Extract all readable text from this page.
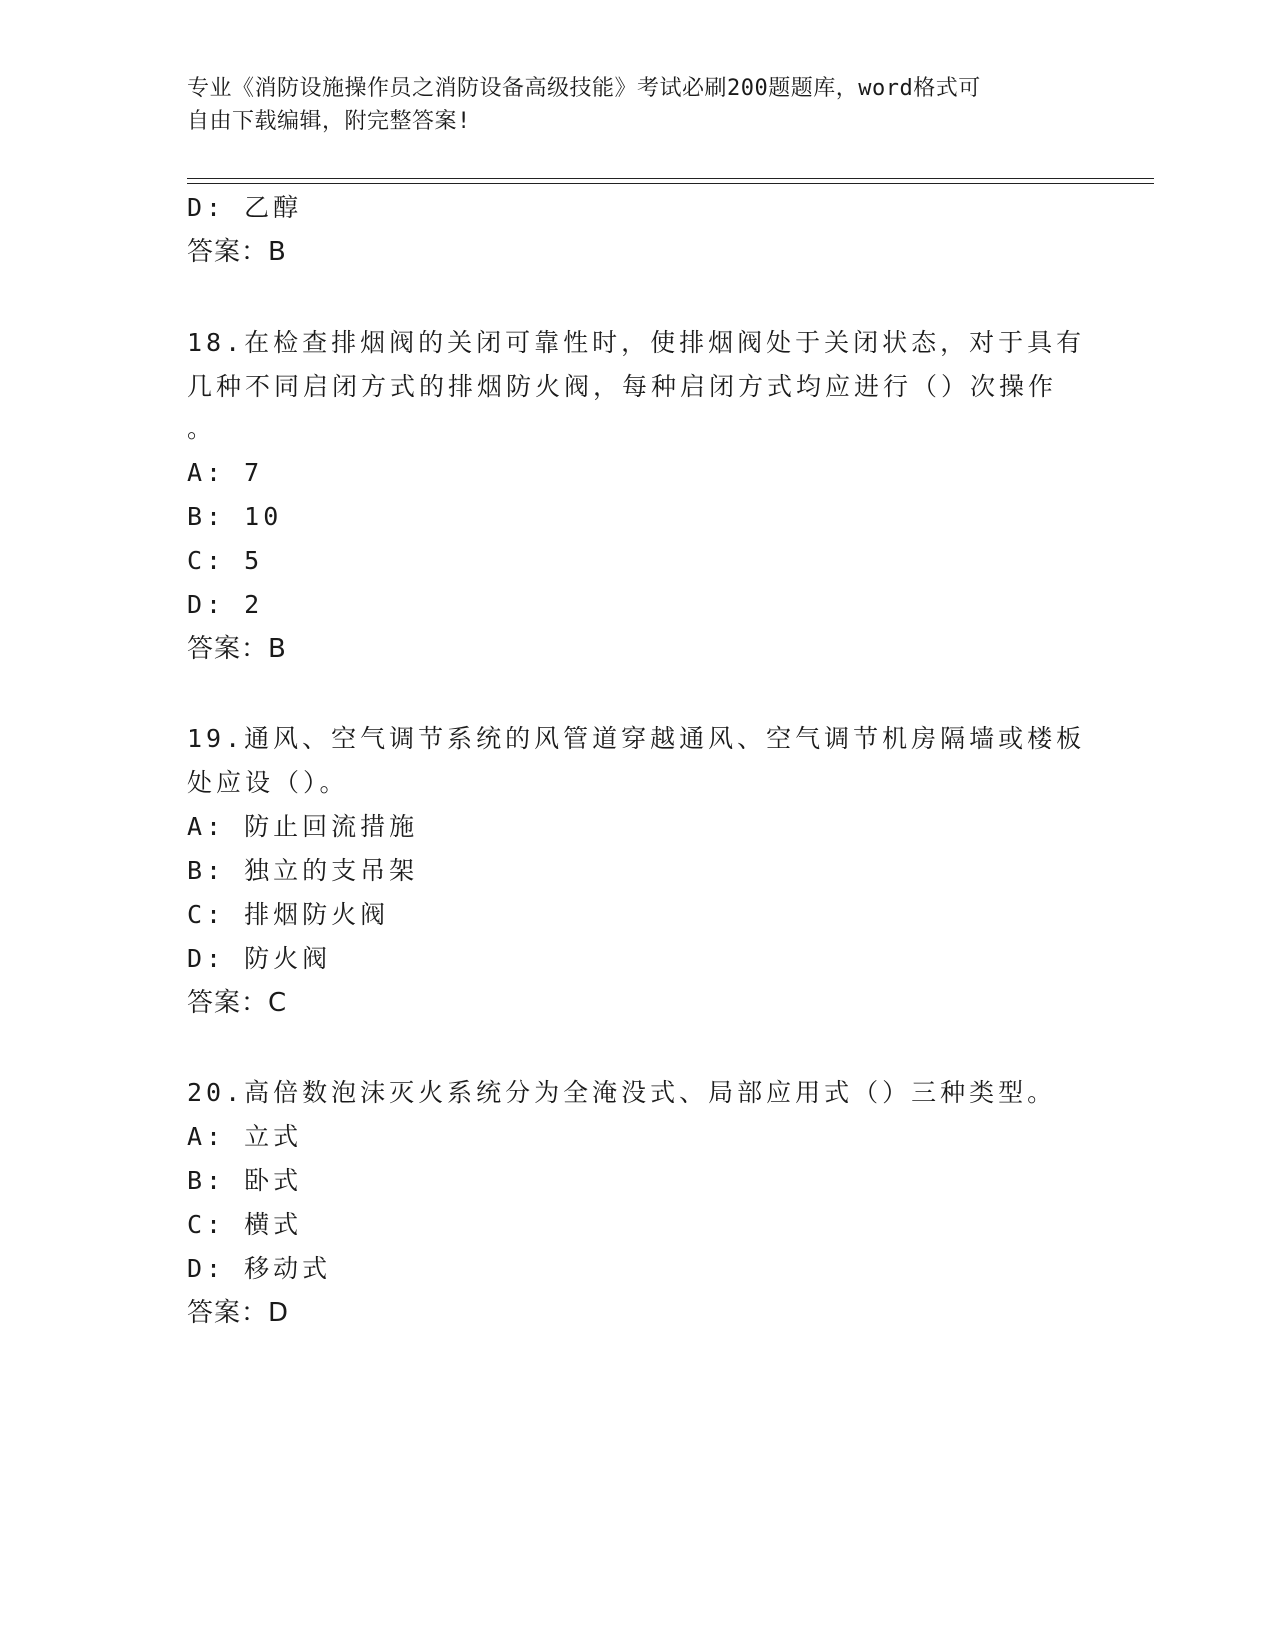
专业《消防设施操作员之消防设备高级技能》考试必刷200题题库，word格式可
自由下载编辑，附完整答案!
D: 乙醇
答案：B
18.在检查排烟阀的关闭可靠性时，使排烟阀处于关闭状态，对于具有
几种不同启闭方式的排烟防火阀，每种启闭方式均应进行（）次操作
。
A: 7
B: 10
C: 5
D: 2
答案：B
19.通风、空气调节系统的风管道穿越通风、空气调节机房隔墙或楼板
处应设（）。
A: 防止回流措施
B: 独立的支吊架
C: 排烟防火阀
D: 防火阀
答案：C
20.高倍数泡沫灭火系统分为全淹没式、局部应用式（）三种类型。
A: 立式
B: 卧式
C: 横式
D: 移动式
答案：D
